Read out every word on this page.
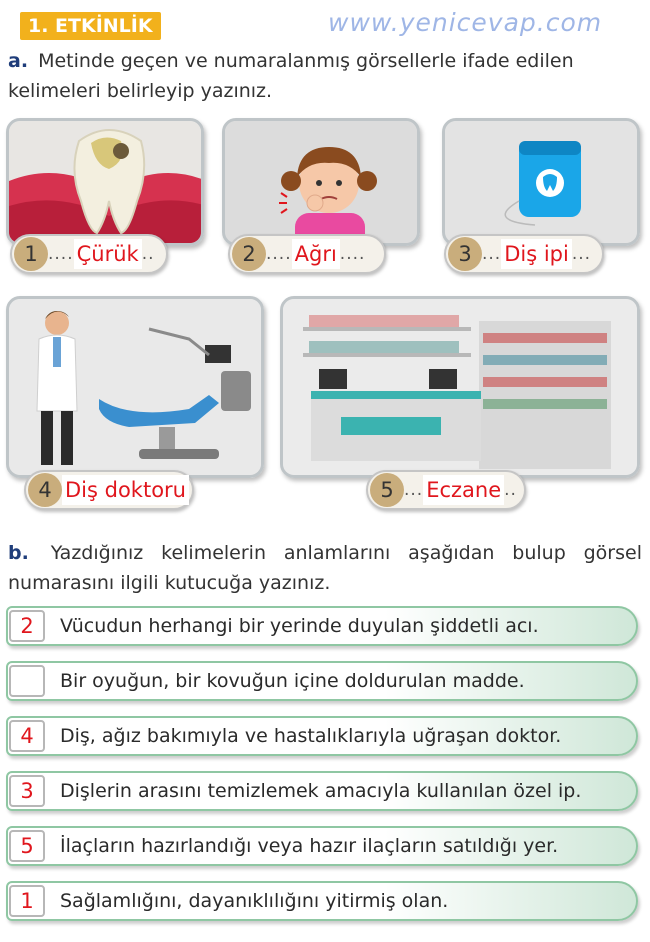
1. ETKİNLİK	www.yenicevap.com
a. Metinde geçen ve numaralanmış görsellerle ifade edilen kelimeleri belirleyip yazınız.
1 .... Çürük ..	2 .... Ağrı ....	3 ... Diş ipi ...
4 Diş doktoru	5 ... Eczane ..
b. Yazdığınız kelimelerin anlamlarını aşağıdan bulup görsel numarasını ilgili kutucuğa yazınız.
2	Vücudun herhangi bir yerinde duyulan şiddetli acı.
Bir oyuğun, bir kovuğun içine doldurulan madde.
4	Diş, ağız bakımıyla ve hastalıklarıyla uğraşan doktor.
3	Dişlerin arasını temizlemek amacıyla kullanılan özel ip.
5	İlaçların hazırlandığı veya hazır ilaçların satıldığı yer.
1	Sağlamlığını, dayanıklılığını yitirmiş olan.
